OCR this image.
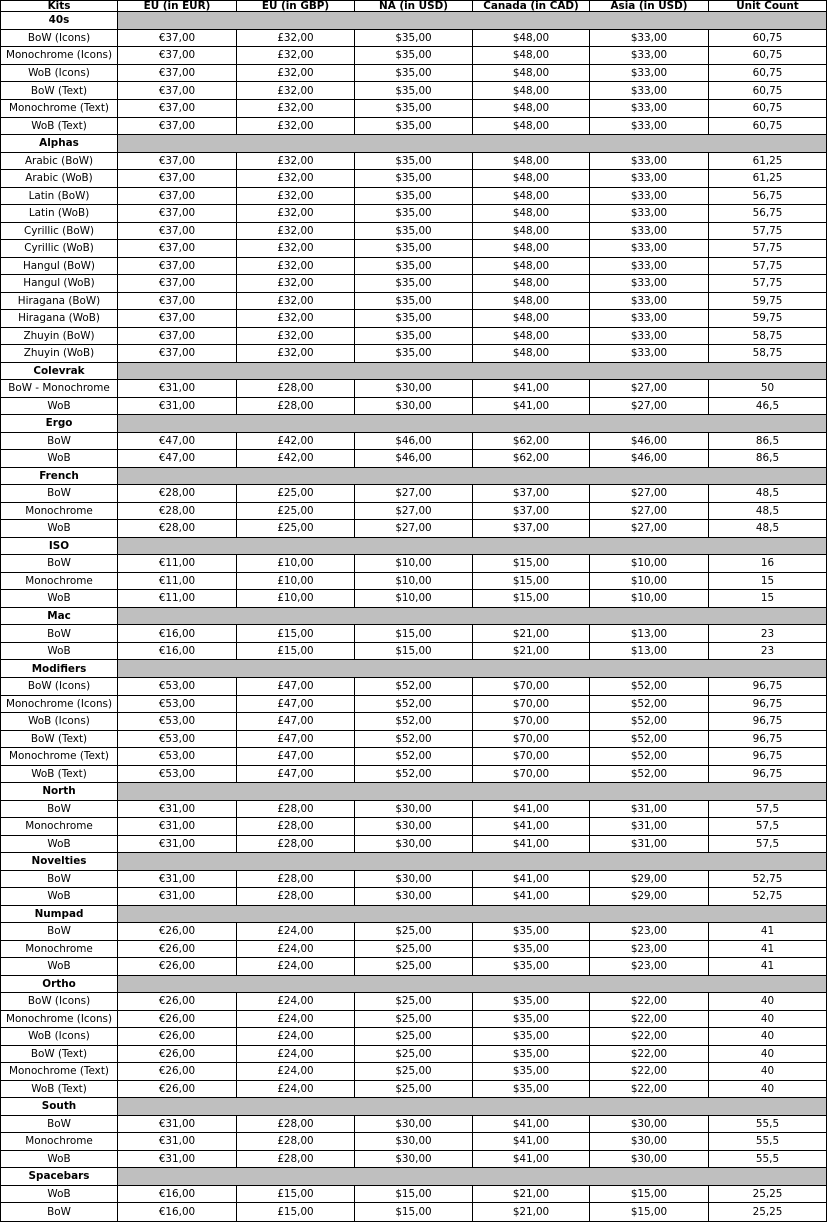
Kits	EU (in EUR)	EU (in GBP)	NA (in USD)	Canada (in CAD)	Asia (in USD)	Unit Count
40s						
BoW (Icons)	€37,00	£32,00	$35,00	$48,00	$33,00	60,75
Monochrome (Icons)	€37,00	£32,00	$35,00	$48,00	$33,00	60,75
WoB (Icons)	€37,00	£32,00	$35,00	$48,00	$33,00	60,75
BoW (Text)	€37,00	£32,00	$35,00	$48,00	$33,00	60,75
Monochrome (Text)	€37,00	£32,00	$35,00	$48,00	$33,00	60,75
WoB (Text)	€37,00	£32,00	$35,00	$48,00	$33,00	60,75
Alphas						
Arabic (BoW)	€37,00	£32,00	$35,00	$48,00	$33,00	61,25
Arabic (WoB)	€37,00	£32,00	$35,00	$48,00	$33,00	61,25
Latin (BoW)	€37,00	£32,00	$35,00	$48,00	$33,00	56,75
Latin (WoB)	€37,00	£32,00	$35,00	$48,00	$33,00	56,75
Cyrillic (BoW)	€37,00	£32,00	$35,00	$48,00	$33,00	57,75
Cyrillic (WoB)	€37,00	£32,00	$35,00	$48,00	$33,00	57,75
Hangul (BoW)	€37,00	£32,00	$35,00	$48,00	$33,00	57,75
Hangul (WoB)	€37,00	£32,00	$35,00	$48,00	$33,00	57,75
Hiragana (BoW)	€37,00	£32,00	$35,00	$48,00	$33,00	59,75
Hiragana (WoB)	€37,00	£32,00	$35,00	$48,00	$33,00	59,75
Zhuyin (BoW)	€37,00	£32,00	$35,00	$48,00	$33,00	58,75
Zhuyin (WoB)	€37,00	£32,00	$35,00	$48,00	$33,00	58,75
Colevrak						
BoW - Monochrome	€31,00	£28,00	$30,00	$41,00	$27,00	50
WoB	€31,00	£28,00	$30,00	$41,00	$27,00	46,5
Ergo						
BoW	€47,00	£42,00	$46,00	$62,00	$46,00	86,5
WoB	€47,00	£42,00	$46,00	$62,00	$46,00	86,5
French						
BoW	€28,00	£25,00	$27,00	$37,00	$27,00	48,5
Monochrome	€28,00	£25,00	$27,00	$37,00	$27,00	48,5
WoB	€28,00	£25,00	$27,00	$37,00	$27,00	48,5
ISO						
BoW	€11,00	£10,00	$10,00	$15,00	$10,00	16
Monochrome	€11,00	£10,00	$10,00	$15,00	$10,00	15
WoB	€11,00	£10,00	$10,00	$15,00	$10,00	15
Mac						
BoW	€16,00	£15,00	$15,00	$21,00	$13,00	23
WoB	€16,00	£15,00	$15,00	$21,00	$13,00	23
Modifiers						
BoW (Icons)	€53,00	£47,00	$52,00	$70,00	$52,00	96,75
Monochrome (Icons)	€53,00	£47,00	$52,00	$70,00	$52,00	96,75
WoB (Icons)	€53,00	£47,00	$52,00	$70,00	$52,00	96,75
BoW (Text)	€53,00	£47,00	$52,00	$70,00	$52,00	96,75
Monochrome (Text)	€53,00	£47,00	$52,00	$70,00	$52,00	96,75
WoB (Text)	€53,00	£47,00	$52,00	$70,00	$52,00	96,75
North						
BoW	€31,00	£28,00	$30,00	$41,00	$31,00	57,5
Monochrome	€31,00	£28,00	$30,00	$41,00	$31,00	57,5
WoB	€31,00	£28,00	$30,00	$41,00	$31,00	57,5
Novelties						
BoW	€31,00	£28,00	$30,00	$41,00	$29,00	52,75
WoB	€31,00	£28,00	$30,00	$41,00	$29,00	52,75
Numpad						
BoW	€26,00	£24,00	$25,00	$35,00	$23,00	41
Monochrome	€26,00	£24,00	$25,00	$35,00	$23,00	41
WoB	€26,00	£24,00	$25,00	$35,00	$23,00	41
Ortho						
BoW (Icons)	€26,00	£24,00	$25,00	$35,00	$22,00	40
Monochrome (Icons)	€26,00	£24,00	$25,00	$35,00	$22,00	40
WoB (Icons)	€26,00	£24,00	$25,00	$35,00	$22,00	40
BoW (Text)	€26,00	£24,00	$25,00	$35,00	$22,00	40
Monochrome (Text)	€26,00	£24,00	$25,00	$35,00	$22,00	40
WoB (Text)	€26,00	£24,00	$25,00	$35,00	$22,00	40
South						
BoW	€31,00	£28,00	$30,00	$41,00	$30,00	55,5
Monochrome	€31,00	£28,00	$30,00	$41,00	$30,00	55,5
WoB	€31,00	£28,00	$30,00	$41,00	$30,00	55,5
Spacebars						
WoB	€16,00	£15,00	$15,00	$21,00	$15,00	25,25
BoW	€16,00	£15,00	$15,00	$21,00	$15,00	25,25
